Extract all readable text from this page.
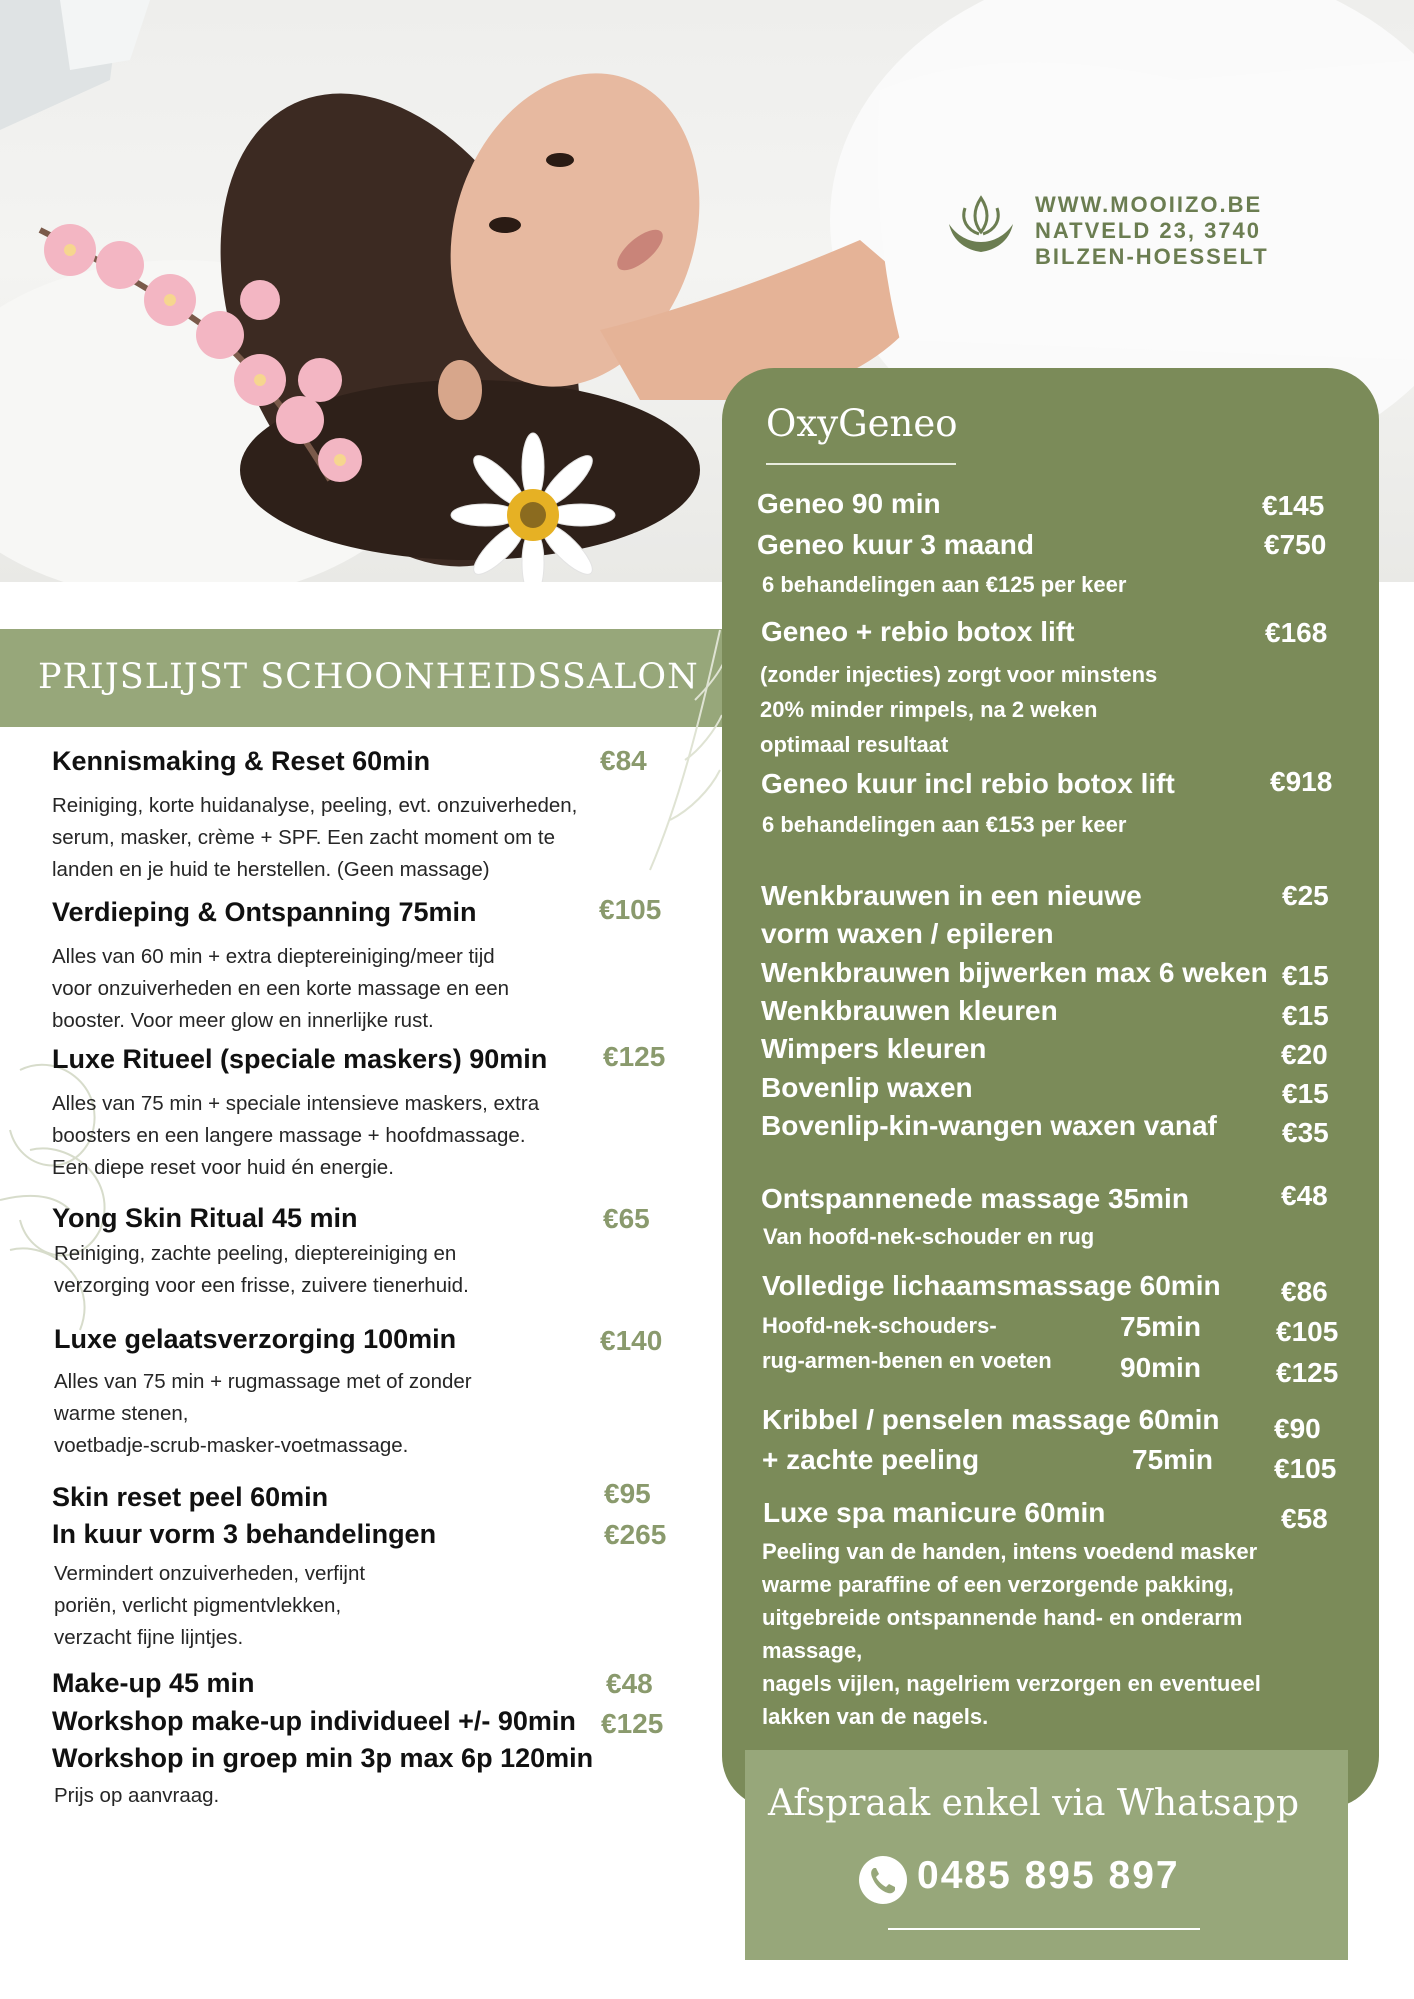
WWW.MOOIIZO.BE
NATVELD 23, 3740
BILZEN-HOESSELT
PRIJSLIJST SCHOONHEIDSSALON
Kennismaking & Reset 60min	€84
Reiniging, korte huidanalyse, peeling, evt. onzuiverheden,
serum, masker, crème + SPF. Een zacht moment om te
landen en je huid te herstellen. (Geen massage)
Verdieping & Ontspanning 75min	€105
Alles van 60 min + extra dieptereiniging/meer tijd
voor onzuiverheden en een korte massage en een
booster. Voor meer glow en innerlijke rust.
Luxe Ritueel (speciale maskers) 90min €125
Alles van 75 min + speciale intensieve maskers, extra
boosters en een langere massage + hoofdmassage.
Een diepe reset voor huid én energie.
Yong Skin Ritual 45 min	€65
Reiniging, zachte peeling, dieptereiniging en
verzorging voor een frisse, zuivere tienerhuid.
Luxe gelaatsverzorging 100min	€140
Alles van 75 min + rugmassage met of zonder
warme stenen,
voetbadje-scrub-masker-voetmassage.
Skin reset peel 60min	€95
In kuur vorm 3 behandelingen	€265
Vermindert onzuiverheden, verfijnt
poriën, verlicht pigmentvlekken,
verzacht fijne lijntjes.
Make-up 45 min	€48
Workshop make-up individueel +/- 90min €125
Workshop in groep min 3p max 6p 120min
Prijs op aanvraag.
OxyGeneo
Geneo 90 min	€145
Geneo kuur 3 maand	€750
6 behandelingen aan €125 per keer
Geneo + rebio botox lift	€168
(zonder injecties) zorgt voor minstens
20% minder rimpels, na 2 weken
optimaal resultaat
Geneo kuur incl rebio botox lift	€918
6 behandelingen aan €153 per keer
Wenkbrauwen in een nieuwe	€25
vorm waxen / epileren
Wenkbrauwen bijwerken max 6 weken €15
Wenkbrauwen kleuren	€15
Wimpers kleuren	€20
Bovenlip waxen	€15
Bovenlip-kin-wangen waxen vanaf €35
Ontspannenede massage 35min	€48
Van hoofd-nek-schouder en rug
Volledige lichaamsmassage 60min €86
Hoofd-nek-schouders-
rug-armen-benen en voeten
75min	€105
90min	€125
Kribbel / penselen massage 60min €90
+ zachte peeling	75min €105
Luxe spa manicure 60min	€58
Peeling van de handen, intens voedend masker
warme paraffine of een verzorgende pakking,
uitgebreide ontspannende hand- en onderarm
massage,
nagels vijlen, nagelriem verzorgen en eventueel
lakken van de nagels.
Afspraak enkel via Whatsapp
0485 895 897
